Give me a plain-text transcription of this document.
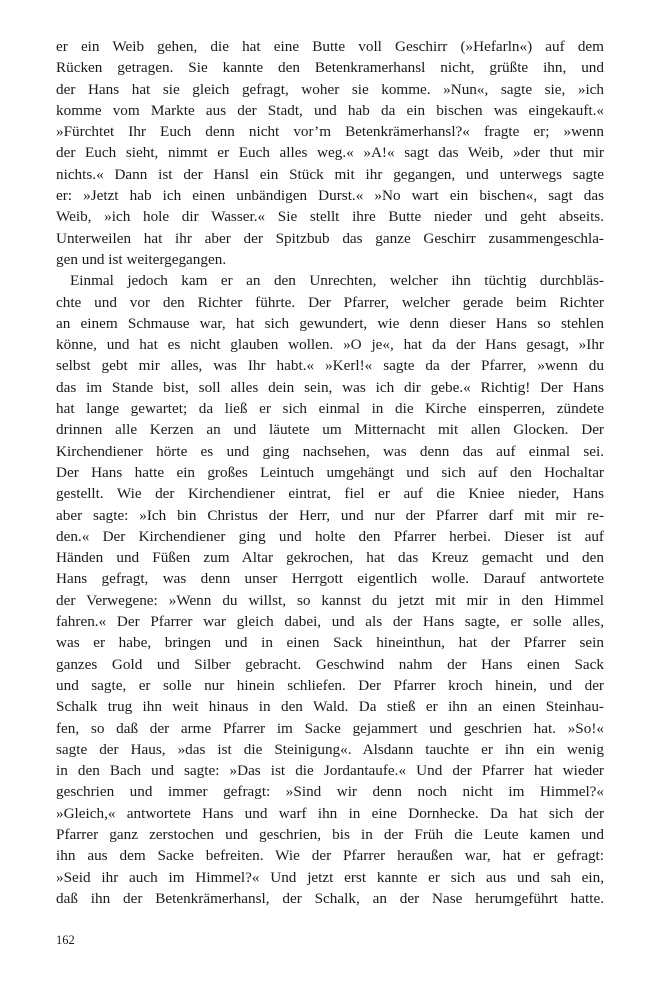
er ein Weib gehen, die hat eine Butte voll Geschirr (»Hefarln«) auf dem
Rücken getragen. Sie kannte den Betenkramerhansl nicht, grüßte ihn, und
der Hans hat sie gleich gefragt, woher sie komme. »Nun«, sagte sie, »ich
komme vom Markte aus der Stadt, und hab da ein bischen was eingekauft.«
»Fürchtet Ihr Euch denn nicht vor’m Betenkrämerhansl?« fragte er; »wenn
der Euch sieht, nimmt er Euch alles weg.« »A!« sagt das Weib, »der thut mir
nichts.« Dann ist der Hansl ein Stück mit ihr gegangen, und unterwegs sagte
er: »Jetzt hab ich einen unbändigen Durst.« »No wart ein bischen«, sagt das
Weib, »ich hole dir Wasser.« Sie stellt ihre Butte nieder und geht abseits.
Unterweilen hat ihr aber der Spitzbub das ganze Geschirr zusammengeschla-
gen und ist weitergegangen.
Einmal jedoch kam er an den Unrechten, welcher ihn tüchtig durchbläs-
chte und vor den Richter führte. Der Pfarrer, welcher gerade beim Richter
an einem Schmause war, hat sich gewundert, wie denn dieser Hans so stehlen
könne, und hat es nicht glauben wollen. »O je«, hat da der Hans gesagt, »Ihr
selbst gebt mir alles, was Ihr habt.« »Kerl!« sagte da der Pfarrer, »wenn du
das im Stande bist, soll alles dein sein, was ich dir gebe.« Richtig! Der Hans
hat lange gewartet; da ließ er sich einmal in die Kirche einsperren, zündete
drinnen alle Kerzen an und läutete um Mitternacht mit allen Glocken. Der
Kirchendiener hörte es und ging nachsehen, was denn das auf einmal sei.
Der Hans hatte ein großes Leintuch umgehängt und sich auf den Hochaltar
gestellt. Wie der Kirchendiener eintrat, fiel er auf die Kniee nieder, Hans
aber sagte: »Ich bin Christus der Herr, und nur der Pfarrer darf mit mir re-
den.« Der Kirchendiener ging und holte den Pfarrer herbei. Dieser ist auf
Händen und Füßen zum Altar gekrochen, hat das Kreuz gemacht und den
Hans gefragt, was denn unser Herrgott eigentlich wolle. Darauf antwortete
der Verwegene: »Wenn du willst, so kannst du jetzt mit mir in den Himmel
fahren.« Der Pfarrer war gleich dabei, und als der Hans sagte, er solle alles,
was er habe, bringen und in einen Sack hineinthun, hat der Pfarrer sein
ganzes Gold und Silber gebracht. Geschwind nahm der Hans einen Sack
und sagte, er solle nur hinein schliefen. Der Pfarrer kroch hinein, und der
Schalk trug ihn weit hinaus in den Wald. Da stieß er ihn an einen Steinhau-
fen, so daß der arme Pfarrer im Sacke gejammert und geschrien hat. »So!«
sagte der Haus, »das ist die Steinigung«. Alsdann tauchte er ihn ein wenig
in den Bach und sagte: »Das ist die Jordantaufe.« Und der Pfarrer hat wieder
geschrien und immer gefragt: »Sind wir denn noch nicht im Himmel?«
»Gleich,« antwortete Hans und warf ihn in eine Dornhecke. Da hat sich der
Pfarrer ganz zerstochen und geschrien, bis in der Früh die Leute kamen und
ihn aus dem Sacke befreiten. Wie der Pfarrer heraußen war, hat er gefragt:
»Seid ihr auch im Himmel?« Und jetzt erst kannte er sich aus und sah ein,
daß ihn der Betenkrämerhansl, der Schalk, an der Nase herumgeführt hatte.
162
